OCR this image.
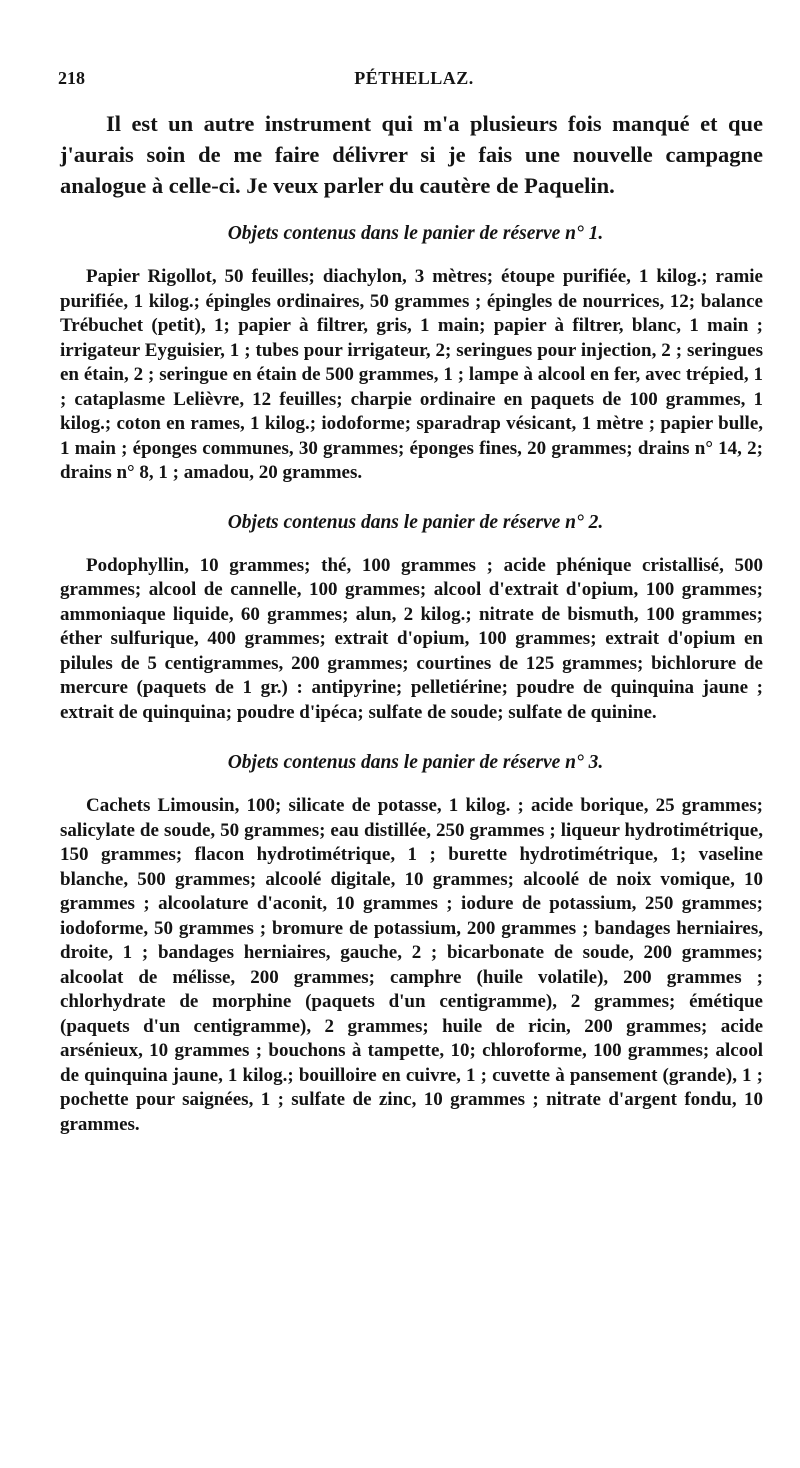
218	PÉTHELLAZ.

Il est un autre instrument qui m'a plusieurs fois manqué et que j'aurais soin de me faire délivrer si je fais une nouvelle campagne analogue à celle-ci. Je veux parler du cautère de Paquelin.

Objets contenus dans le panier de réserve n° 1.

Papier Rigollot, 50 feuilles; diachylon, 3 mètres; étoupe purifiée, 1 kilog.; ramie purifiée, 1 kilog.; épingles ordinaires, 50 grammes ; épingles de nourrices, 12; balance Trébuchet (petit), 1; papier à filtrer, gris, 1 main; papier à filtrer, blanc, 1 main ; irrigateur Eyguisier, 1 ; tubes pour irrigateur, 2; seringues pour injection, 2 ; seringues en étain, 2 ; seringue en étain de 500 grammes, 1 ; lampe à alcool en fer, avec trépied, 1 ; cataplasme Lelièvre, 12 feuilles; charpie ordinaire en paquets de 100 grammes, 1 kilog.; coton en rames, 1 kilog.; iodoforme; sparadrap vésicant, 1 mètre ; papier bulle, 1 main ; éponges communes, 30 grammes; éponges fines, 20 grammes; drains n° 14, 2; drains n° 8, 1 ; amadou, 20 grammes.

Objets contenus dans le panier de réserve n° 2.

Podophyllin, 10 grammes; thé, 100 grammes ; acide phénique cristallisé, 500 grammes; alcool de cannelle, 100 grammes; alcool d'extrait d'opium, 100 grammes; ammoniaque liquide, 60 grammes; alun, 2 kilog.; nitrate de bismuth, 100 grammes; éther sulfurique, 400 grammes; extrait d'opium, 100 grammes; extrait d'opium en pilules de 5 centigrammes, 200 grammes; courtines de 125 grammes; bichlorure de mercure (paquets de 1 gr.) : antipyrine; pelletiérine; poudre de quinquina jaune ; extrait de quinquina; poudre d'ipéca; sulfate de soude; sulfate de quinine.

Objets contenus dans le panier de réserve n° 3.

Cachets Limousin, 100; silicate de potasse, 1 kilog. ; acide borique, 25 grammes; salicylate de soude, 50 grammes; eau distillée, 250 grammes ; liqueur hydrotimétrique, 150 grammes; flacon hydrotimétrique, 1 ; burette hydrotimétrique, 1; vaseline blanche, 500 grammes; alcoolé digitale, 10 grammes; alcoolé de noix vomique, 10 grammes ; alcoolature d'aconit, 10 grammes ; iodure de potassium, 250 grammes; iodoforme, 50 grammes ; bromure de potassium, 200 grammes ; bandages herniaires, droite, 1 ; bandages herniaires, gauche, 2 ; bicarbonate de soude, 200 grammes; alcoolat de mélisse, 200 grammes; camphre (huile volatile), 200 grammes ; chlorhydrate de morphine (paquets d'un centigramme), 2 grammes; émétique (paquets d'un centigramme), 2 grammes; huile de ricin, 200 grammes; acide arsénieux, 10 grammes ; bouchons à tampette, 10; chloroforme, 100 grammes; alcool de quinquina jaune, 1 kilog.; bouilloire en cuivre, 1 ; cuvette à pansement (grande), 1 ; pochette pour saignées, 1 ; sulfate de zinc, 10 grammes ; nitrate d'argent fondu, 10 grammes.
